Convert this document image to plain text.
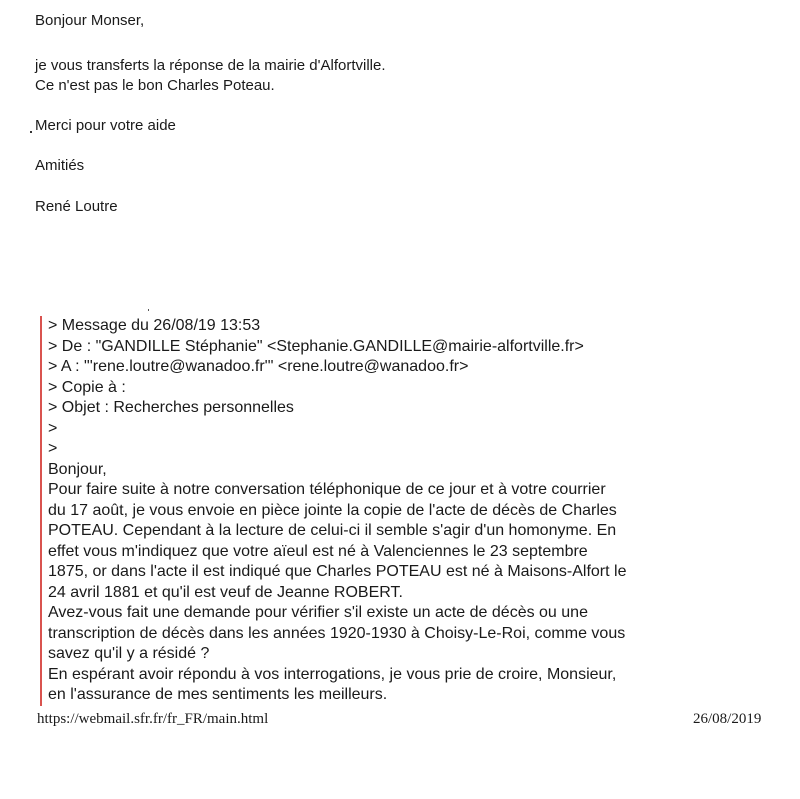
Bonjour Monser,
je vous transferts la réponse de la mairie d'Alfortville.
Ce n'est pas le bon Charles Poteau.
Merci pour votre aide
Amitiés
René Loutre
> Message du 26/08/19 13:53
> De : "GANDILLE Stéphanie" <Stephanie.GANDILLE@mairie-alfortville.fr>
> A : "'rene.loutre@wanadoo.fr'" <rene.loutre@wanadoo.fr>
> Copie à :
> Objet : Recherches personnelles
>
>
Bonjour,
Pour faire suite à notre conversation téléphonique de ce jour et à votre courrier
du 17 août, je vous envoie en pièce jointe la copie de l'acte de décès de Charles
POTEAU. Cependant à la lecture de celui-ci il semble s'agir d'un homonyme. En
effet vous m'indiquez que votre aïeul est né à Valenciennes le 23 septembre
1875, or dans l'acte il est indiqué que Charles POTEAU est né à Maisons-Alfort le
24 avril 1881 et qu'il est veuf de Jeanne ROBERT.
Avez-vous fait une demande pour vérifier s'il existe un acte de décès ou une
transcription de décès dans les années 1920-1930 à Choisy-Le-Roi, comme vous
savez qu'il y a résidé ?
En espérant avoir répondu à vos interrogations, je vous prie de croire, Monsieur,
en l'assurance de mes sentiments les meilleurs.
https://webmail.sfr.fr/fr_FR/main.html	26/08/2019
